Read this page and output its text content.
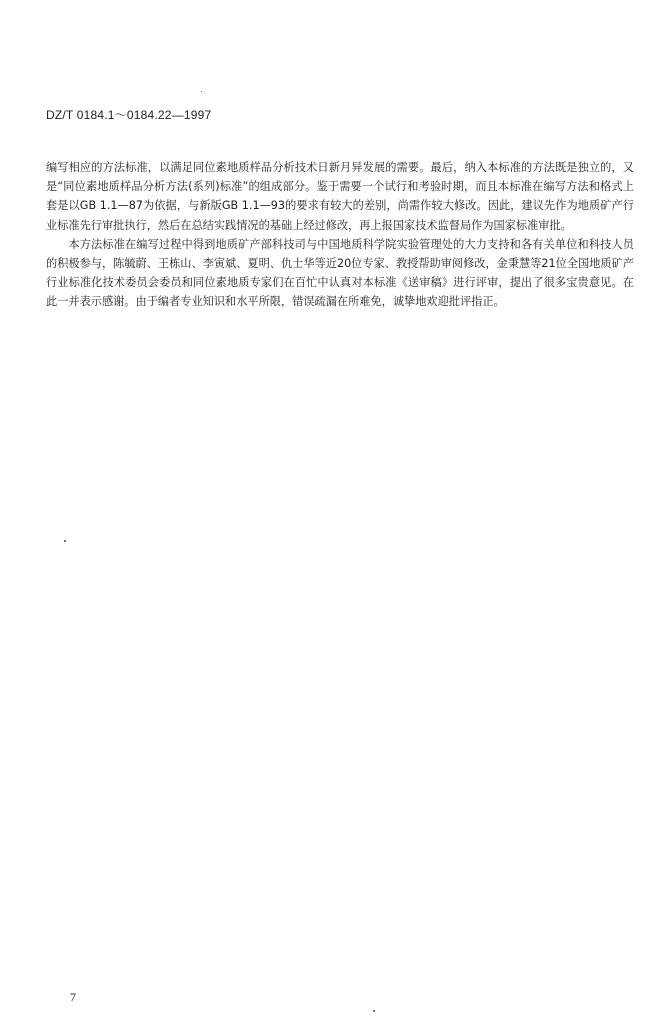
DZ/T 0184.1～0184.22—1997

编写相应的方法标准，以满足同位素地质样品分析技术日新月异发展的需要。最后，纳入本标准的方法既是独立的，又是“同位素地质样品分析方法(系列)标准”的组成部分。鉴于需要一个试行和考验时期，而且本标准在编写方法和格式上套是以GB 1.1—87为依据，与新版GB 1.1—93的要求有较大的差别，尚需作较大修改。因此，建议先作为地质矿产行业标准先行审批执行，然后在总结实践情况的基础上经过修改，再上报国家技术监督局作为国家标准审批。

本方法标准在编写过程中得到地质矿产部科技司与中国地质科学院实验管理处的大力支持和各有关单位和科技人员的积极参与，陈毓蔚、王栋山、李寅斌、夏明、仇士华等近20位专家、教授帮助审阅修改，金秉慧等21位全国地质矿产行业标准化技术委员会委员和同位素地质专家们在百忙中认真对本标准《送审稿》进行评审，提出了很多宝贵意见。在此一并表示感谢。由于编者专业知识和水平所限，错误疏漏在所难免，诚挚地欢迎批评指正。

7
